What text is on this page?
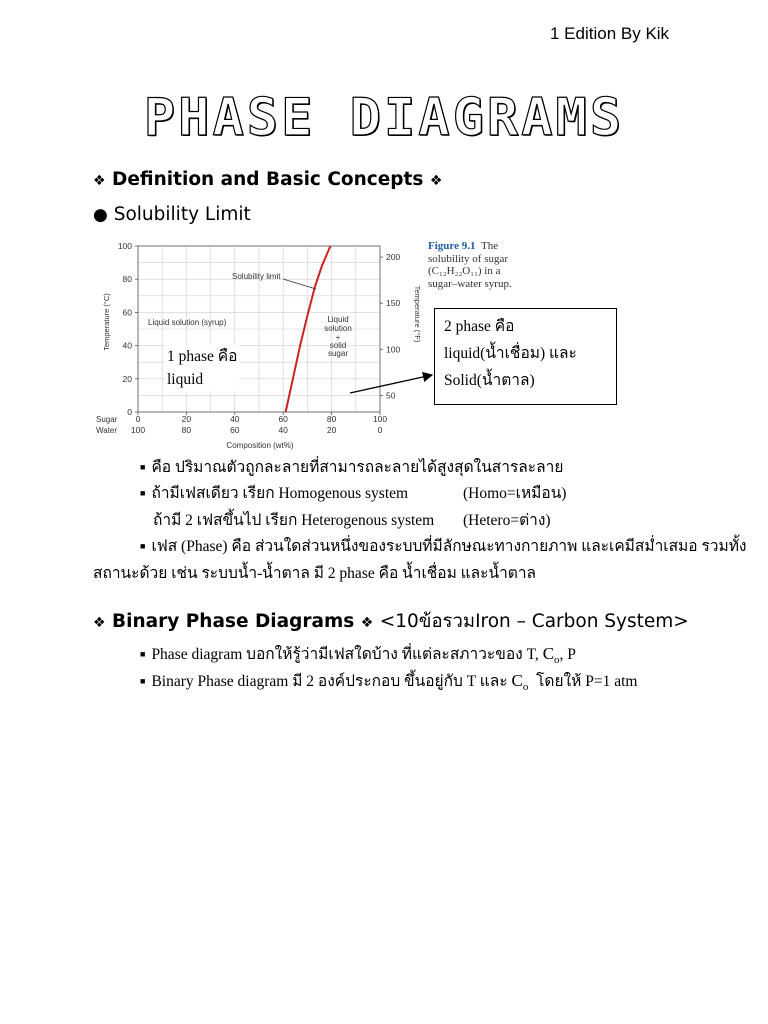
1 Edition By Kik
PHASE DIAGRAMS
❖ Definition and Basic Concepts ❖
● Solubility Limit
0
20
40
60
80
100
50
100
150
200
0
100
20
80
40
60
60
40
80
20
100
0
Solubility limit
Liquid solution (syrup)	Liquid
solution
+
solid
sugar
Sugar
Water
Composition (wt%)
Temperature (°C)	Temperature (°F)
1 phase คือ
liquid
Figure 9.1 The
solubility of sugar
(C₁₂H₂₂O₁₁) in a
sugar–water syrup.
2 phase คือ
liquid(น้ำเชื่อม) และ
Solid(น้ำตาล)
■ คือ ปริมาณตัวถูกละลายที่สามารถละลายได้สูงสุดในสารละลาย
■ ถ้ามีเฟสเดียว เรียก Homogenous system	(Homo=เหมือน)
ถ้ามี 2 เฟสขึ้นไป เรียก Heterogenous system (Hetero=ต่าง)
■ เฟส (Phase) คือ ส่วนใดส่วนหนึ่งของระบบที่มีลักษณะทางกายภาพ และเคมีสม่ำเสมอ รวมทั้ง
สถานะด้วย เช่น ระบบน้ำ-น้ำตาล มี 2 phase คือ น้ำเชื่อม และน้ำตาล
❖ Binary Phase Diagrams ❖ <10ข้อรวมIron – Carbon System>
■ Phase diagram บอกให้รู้ว่ามีเฟสใดบ้าง ที่แต่ละสภาวะของ T, $C_o$, P
■ Binary Phase diagram มี 2 องค์ประกอบ ขึ้นอยู่กับ T และ $C_o$ โดยให้ P=1 atm
